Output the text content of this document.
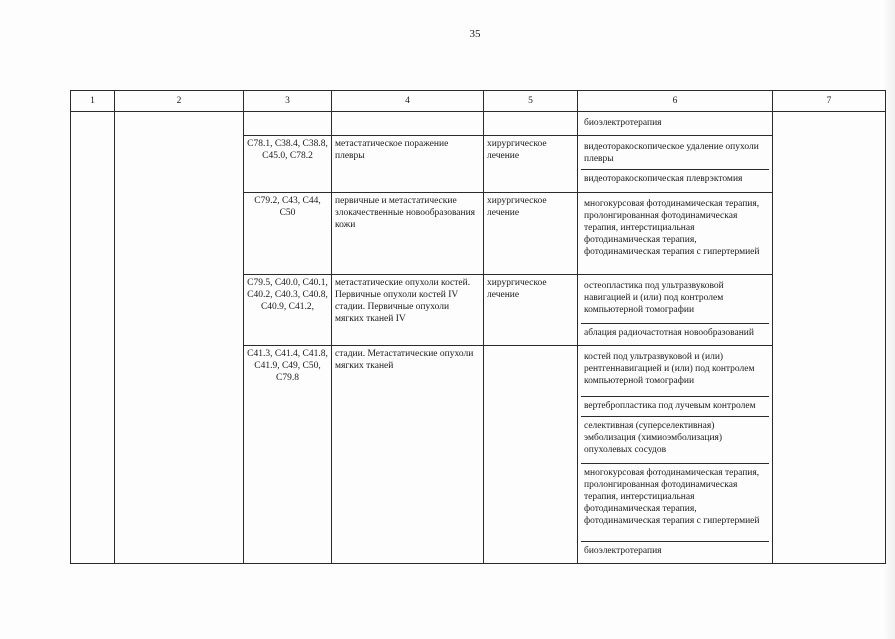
35
1	2	3	4	5	6	7

					биоэлектротерапия	

		C78.1, C38.4, C38.8, C45.0, C78.2	метастатическое поражение плевры	хирургическое лечение	видеоторакоскопическое удаление опухоли плевры
видеоторакоскопическая плеврэктомия	

		C79.2, C43, C44, C50	первичные и метастатические злокачественные новообразования кожи	хирургическое лечение	многокурсовая фотодинамическая терапия, пролонгированная фотодинамическая терапия, интерстициальная фотодинамическая терапия, фотодинамическая терапия с гипертермией	

		C79.5, C40.0, C40.1, C40.2, C40.3, C40.8, C40.9, C41.2,	метастатические опухоли костей. Первичные опухоли костей IV стадии. Первичные опухоли мягких тканей IV	хирургическое лечение	остеопластика под ультразвуковой навигацией и (или) под контролем компьютерной томографии
аблация радиочастотная новообразований	

		C41.3, C41.4, C41.8, C41.9, C49, C50, C79.8	стадии. Метастатические опухоли мягких тканей		костей под ультразвуковой и (или) рентгеннавигацией и (или) под контролем компьютерной томографии
вертебропластика под лучевым контролем
селективная (суперселективная) эмболизация (химиоэмболизация) опухолевых сосудов
многокурсовая фотодинамическая терапия, пролонгированная фотодинамическая терапия, интерстициальная фотодинамическая терапия, фотодинамическая терапия с гипертермией
биоэлектротерапия	
